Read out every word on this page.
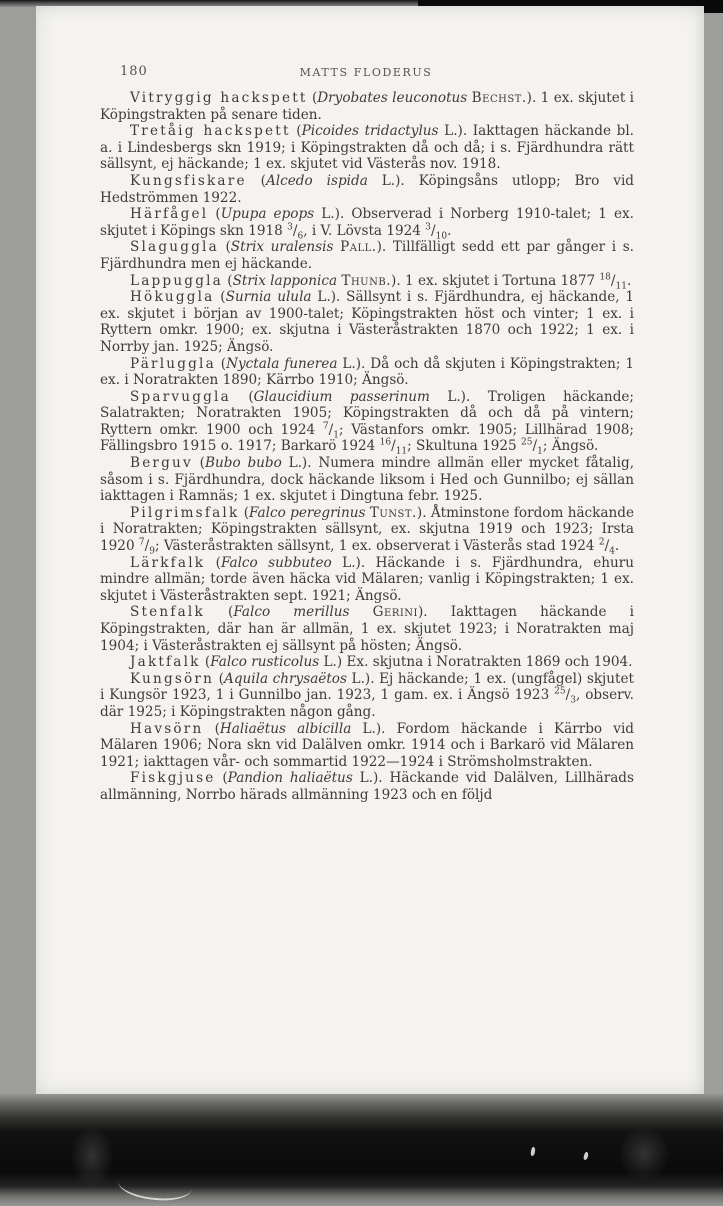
180	MATTS FLODERUS

Vitryggig hackspett (Dryobates leuconotus Bechst.). 1 ex. skjutet i Köpingstrakten på senare tiden.

Tretåig hackspett (Picoides tridactylus L.). Iakttagen häckande bl. a. i Lindesbergs skn 1919; i Köpingstrakten då och då; i s. Fjärdhundra rätt sällsynt, ej häckande; 1 ex. skjutet vid Västerås nov. 1918.

Kungsfiskare (Alcedo ispida L.). Köpingsåns utlopp; Bro vid Hedströmmen 1922.

Härfågel (Upupa epops L.). Observerad i Norberg 1910-talet; 1 ex. skjutet i Köpings skn 1918 $^3/_6$, i V. Lövsta 1924 $^3/_{10}$.

Slaguggla (Strix uralensis Pall.). Tillfälligt sedd ett par gånger i s. Fjärdhundra men ej häckande.

Lappuggla (Strix lapponica Thunb.). 1 ex. skjutet i Tortuna 1877 $^{18}/_{11}$.

Hökuggla (Surnia ulula L.). Sällsynt i s. Fjärdhundra, ej häckande, 1 ex. skjutet i början av 1900-talet; Köpingstrakten höst och vinter; 1 ex. i Ryttern omkr. 1900; ex. skjutna i Västeråstrakten 1870 och 1922; 1 ex. i Norrby jan. 1925; Ängsö.

Pärluggla (Nyctala funerea L.). Då och då skjuten i Köpingstrakten; 1 ex. i Noratrakten 1890; Kärrbo 1910; Ängsö.

Sparvuggla (Glaucidium passerinum L.). Troligen häckande; Salatrakten; Noratrakten 1905; Köpingstrakten då och då på vintern; Ryttern omkr. 1900 och 1924 $^7/_1$; Västanfors omkr. 1905; Lillhärad 1908; Fällingsbro 1915 o. 1917; Barkarö 1924 $^{16}/_{11}$; Skultuna 1925 $^{25}/_1$; Ängsö.

Berguv (Bubo bubo L.). Numera mindre allmän eller mycket fåtalig, såsom i s. Fjärdhundra, dock häckande liksom i Hed och Gunnilbo; ej sällan iakttagen i Ramnäs; 1 ex. skjutet i Dingtuna febr. 1925.

Pilgrimsfalk (Falco peregrinus Tunst.). Åtminstone fordom häckande i Noratrakten; Köpingstrakten sällsynt, ex. skjutna 1919 och 1923; Irsta 1920 $^7/_9$; Västeråstrakten sällsynt, 1 ex. observerat i Västerås stad 1924 $^2/_4$.

Lärkfalk (Falco subbuteo L.). Häckande i s. Fjärdhundra, ehuru mindre allmän; torde även häcka vid Mälaren; vanlig i Köpingstrakten; 1 ex. skjutet i Västeråstrakten sept. 1921; Ängsö.

Stenfalk (Falco merillus Gerini). Iakttagen häckande i Köpingstrakten, där han är allmän, 1 ex. skjutet 1923; i Noratrakten maj 1904; i Västeråstrakten ej sällsynt på hösten; Ängsö.

Jaktfalk (Falco rusticolus L.) Ex. skjutna i Noratrakten 1869 och 1904.

Kungsörn (Aquila chrysaëtos L.). Ej häckande; 1 ex. (ungfågel) skjutet i Kungsör 1923, 1 i Gunnilbo jan. 1923, 1 gam. ex. i Ängsö 1923 $^{25}/_3$, observ. där 1925; i Köpingstrakten någon gång.

Havsörn (Haliaëtus albicilla L.). Fordom häckande i Kärrbo vid Mälaren 1906; Nora skn vid Dalälven omkr. 1914 och i Barkarö vid Mälaren 1921; iakttagen vår- och sommartid 1922—1924 i Strömsholmstrakten.

Fiskgjuse (Pandion haliaëtus L.). Häckande vid Dalälven, Lillhärads allmänning, Norrbo härads allmänning 1923 och en följd
